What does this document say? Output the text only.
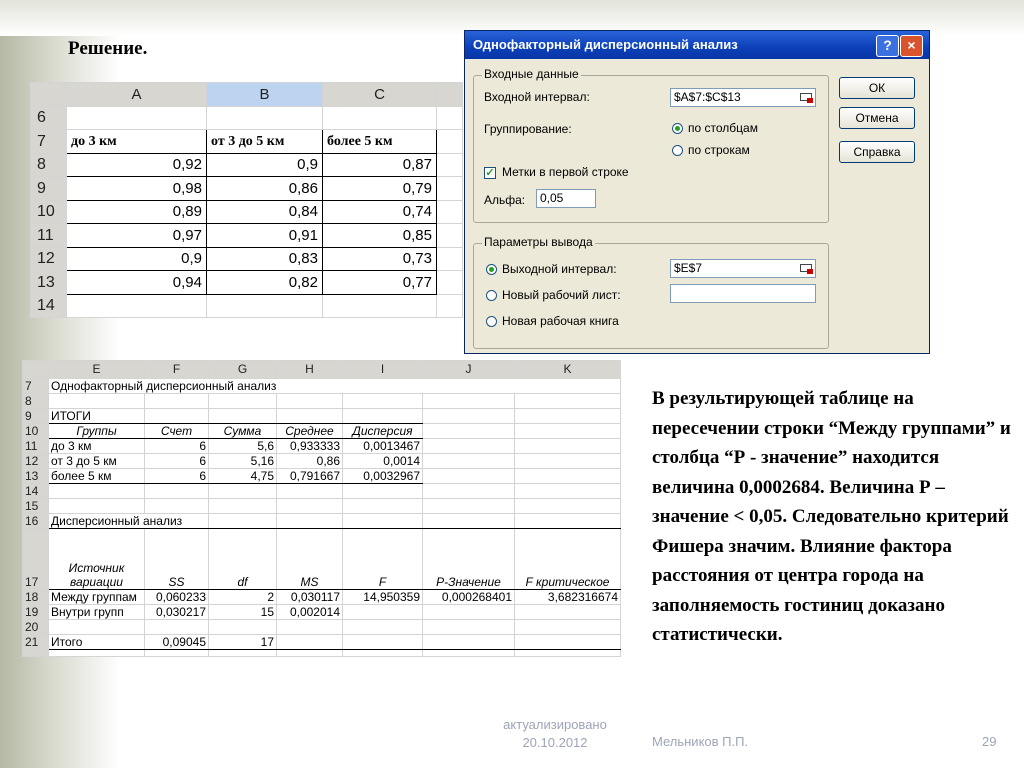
Решение.
	A	B	C	
6				
7	до 3 км	от 3 до 5 км	более 5 км	
8	0,92	0,9	0,87	
9	0,98	0,86	0,79	
10	0,89	0,84	0,74	
11	0,97	0,91	0,85	
12	0,9	0,83	0,73	
13	0,94	0,82	0,77	
14				
Однофакторный дисперсионный анализ	?	×
Входные данные
Входной интервал:	$A$7:$C$13
Группирование:	по столбцам
по строкам
✓ Метки в первой строке
Альфа:	0,05
Параметры вывода
Выходной интервал:	$E$7
Новый рабочий лист:
Новая рабочая книга
ОК
Отмена
Справка
	E	F	G	H	I	J	K
7	Однофакторный дисперсионный анализ						
8							
9	ИТОГИ						
10	Группы	Счет	Сумма	Среднее	Дисперсия		
11	до 3 км	6	5,6	0,933333	0,0013467		
12	от 3 до 5 км	6	5,16	0,86	0,0014		
13	более 5 км	6	4,75	0,791667	0,0032967		
14							
15							
16	Дисперсионный анализ						
17	Источник вариации	SS	df	MS	F	P-Значение	F критическое
18	Между группам	0,060233	2	0,030117	14,950359	0,000268401	3,682316674
19	Внутри групп	0,030217	15	0,002014			
20							
21	Итого	0,09045	17				

В результирующей таблице на пересечении строки “Между группами” и столбца “Р - значение” находится величина 0,0002684. Величина Р – значение < 0,05. Следовательно критерий Фишера значим. Влияние фактора расстояния от центра города на заполняемость гостиниц доказано статистически.
актуализировано
20.10.2012	Мельников П.П.	29
